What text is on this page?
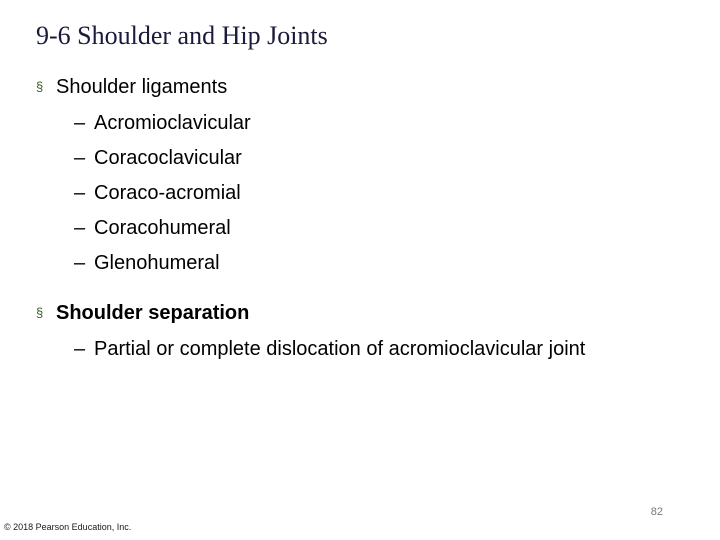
9-6 Shoulder and Hip Joints
§ Shoulder ligaments
– Acromioclavicular
– Coracoclavicular
– Coraco-acromial
– Coracohumeral
– Glenohumeral
§ Shoulder separation
– Partial or complete dislocation of acromioclavicular joint
82
© 2018 Pearson Education, Inc.
